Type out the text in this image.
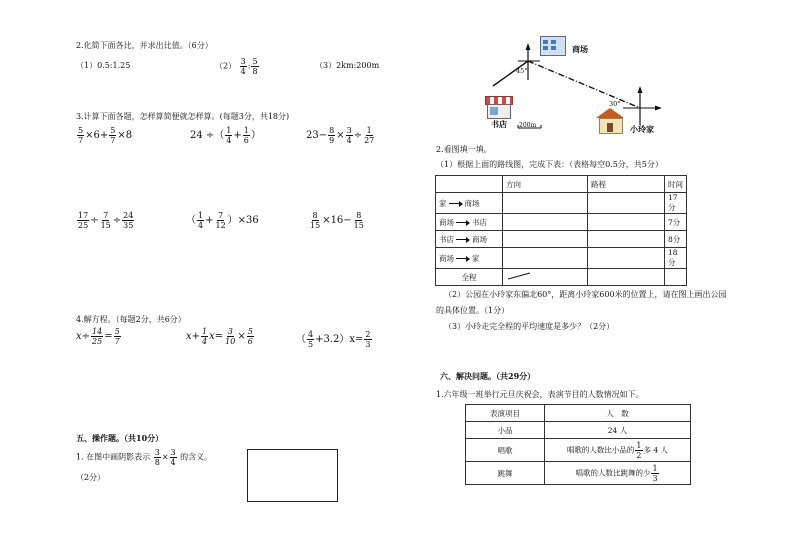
2.化简下面各比，并求出比值。（6分）
（1）0.5:1.25	$(2) \frac{3}{4}$ : $\frac{5}{8}$	（3）2km:200m
3.计算下面各题，怎样算简便就怎样算。(每题3分，共18分)
$\frac{5}{7} \times 6+ \frac{5}{7} \times 8$	24 ÷（ $\frac{1}{4} + \frac{1}{6}$ ）	$23- \frac{8}{9} \times \frac{3}{4} \div \frac{1}{27}$
$\frac{17}{25} \div \frac{7}{15} \div \frac{24}{35}$	（ $\frac{1}{4} + \frac{7}{12} )\times 36$	$\frac{8}{15} \times 16- \frac{8}{15}$
4.解方程。（每题2分，共6分）
$x\div \frac{14}{25} = \frac{5}{7}$	$x+ \frac{1}{4} x= \frac{3}{10} \times \frac{5}{6}$	（ $\frac{4}{5} +3.2)x= \frac{2}{3}$
五、操作题。（共10分）
1. 在图中画阴影表示 $\frac{3}{8} \times \frac{3}{4}$ 的含义。
（2分）
商场
书店	小玲家
45°
30°
200m
2.看图填一填。
（1）根据上面的路线图，完成下表：（表格每空0.5分，共5分）
	方向	路程	时间
家 商场			17分
商场 书店			7分
书店 商场			8分
商场 家			18分
全程			
（2）公园在小玲家东偏北60°，距离小玲家600米的位置上，请在图上画出公园
的具体位置。（1分）
（3）小玲走完全程的平均速度是多少？（2分）
六、解决问题。（共29分）
1.六年级一班举行元旦庆祝会，表演节目的人数情况如下。
表演项目	人　数
小品	24 人
唱歌	唱歌的人数比小品的 $\frac{1}{2}$ 多 4 人
跳舞	唱歌的人数比跳舞的少 $\frac{1}{3}$
